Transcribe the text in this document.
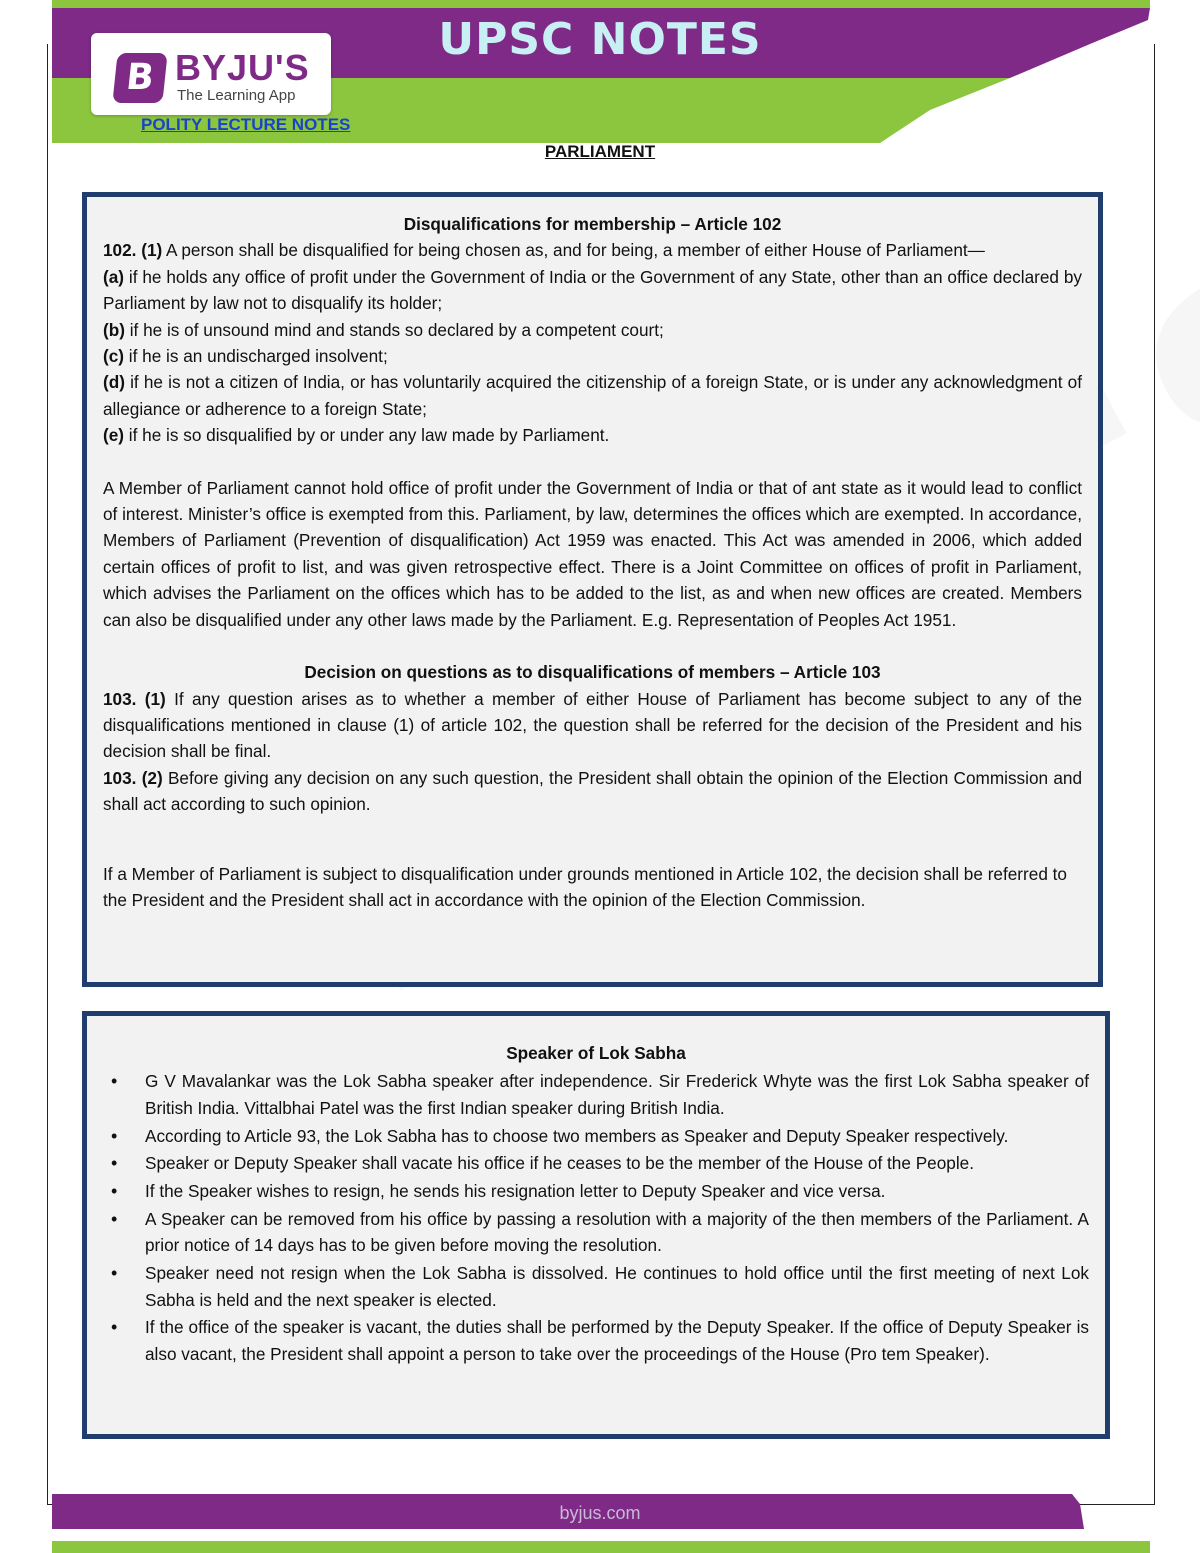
B BYJU'S
The Learning App
UPSC NOTES
POLITY LECTURE NOTES
PARLIAMENT
Disqualifications for membership – Article 102

102. (1) A person shall be disqualified for being chosen as, and for being, a member of either House of Parliament—

(a) if he holds any office of profit under the Government of India or the Government of any State, other than an office declared by Parliament by law not to disqualify its holder;

(b) if he is of unsound mind and stands so declared by a competent court;

(c) if he is an undischarged insolvent;

(d) if he is not a citizen of India, or has voluntarily acquired the citizenship of a foreign State, or is under any acknowledgment of allegiance or adherence to a foreign State;

(e) if he is so disqualified by or under any law made by Parliament.

A Member of Parliament cannot hold office of profit under the Government of India or that of ant state as it would lead to conflict of interest. Minister’s office is exempted from this. Parliament, by law, determines the offices which are exempted. In accordance, Members of Parliament (Prevention of disqualification) Act 1959 was enacted. This Act was amended in 2006, which added certain offices of profit to list, and was given retrospective effect. There is a Joint Committee on offices of profit in Parliament, which advises the Parliament on the offices which has to be added to the list, as and when new offices are created. Members can also be disqualified under any other laws made by the Parliament. E.g. Representation of Peoples Act 1951.

Decision on questions as to disqualifications of members – Article 103

103. (1) If any question arises as to whether a member of either House of Parliament has become subject to any of the disqualifications mentioned in clause (1) of article 102, the question shall be referred for the decision of the President and his decision shall be final.

103. (2) Before giving any decision on any such question, the President shall obtain the opinion of the Election Commission and shall act according to such opinion.

If a Member of Parliament is subject to disqualification under grounds mentioned in Article 102, the decision shall be referred to the President and the President shall act in accordance with the opinion of the Election Commission.

Speaker of Lok Sabha
• G V Mavalankar was the Lok Sabha speaker after independence. Sir Frederick Whyte was the first Lok Sabha speaker of British India. Vittalbhai Patel was the first Indian speaker during British India.
• According to Article 93, the Lok Sabha has to choose two members as Speaker and Deputy Speaker respectively.
• Speaker or Deputy Speaker shall vacate his office if he ceases to be the member of the House of the People.
• If the Speaker wishes to resign, he sends his resignation letter to Deputy Speaker and vice versa.
• A Speaker can be removed from his office by passing a resolution with a majority of the then members of the Parliament. A prior notice of 14 days has to be given before moving the resolution.
• Speaker need not resign when the Lok Sabha is dissolved. He continues to hold office until the first meeting of next Lok Sabha is held and the next speaker is elected.
• If the office of the speaker is vacant, the duties shall be performed by the Deputy Speaker. If the office of Deputy Speaker is also vacant, the President shall appoint a person to take over the proceedings of the House (Pro tem Speaker).
byjus.com
